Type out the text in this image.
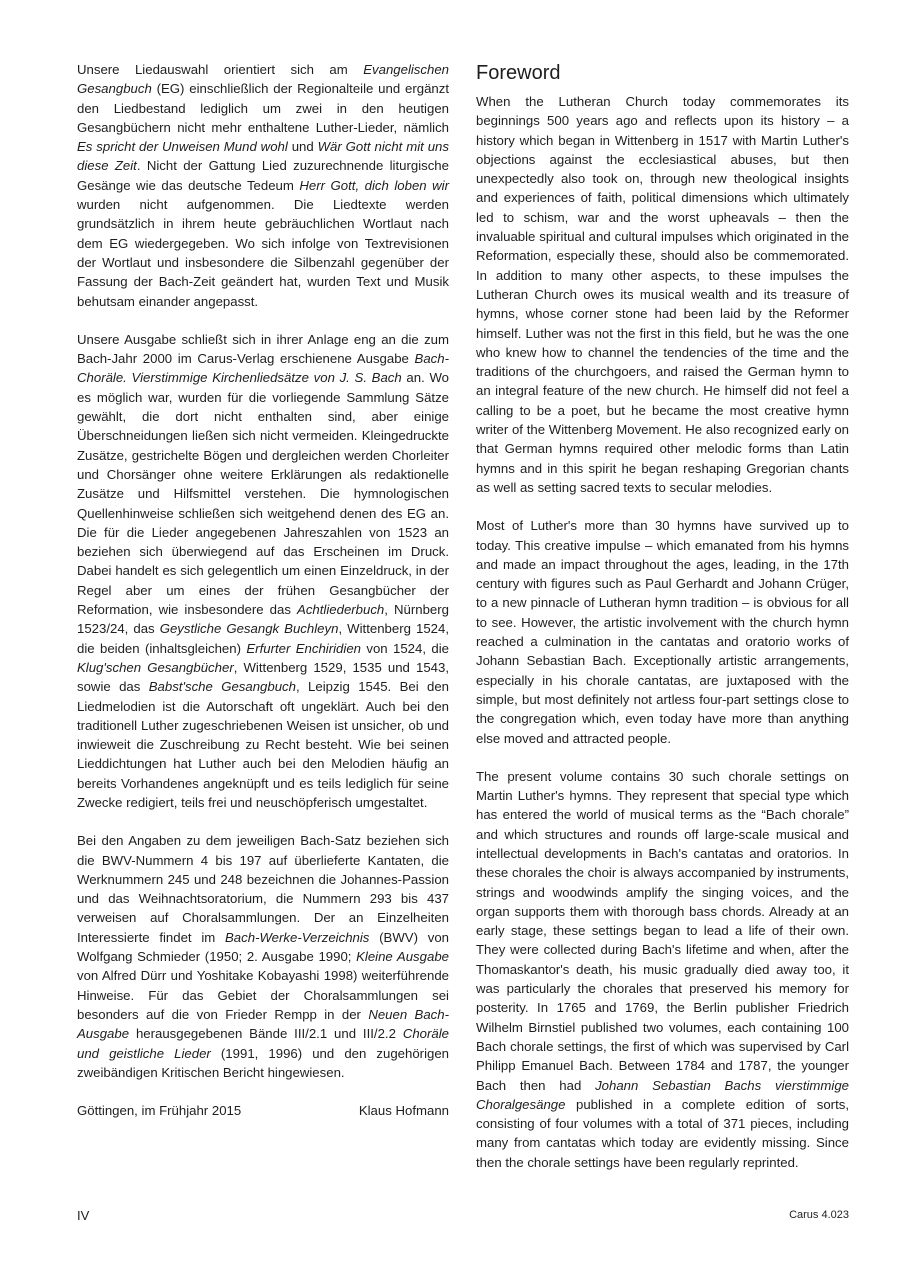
Unsere Liedauswahl orientiert sich am Evangelischen Gesangbuch (EG) einschließlich der Regionalteile und ergänzt den Liedbestand lediglich um zwei in den heutigen Gesangbüchern nicht mehr enthaltene Luther-Lieder, nämlich Es spricht der Unweisen Mund wohl und Wär Gott nicht mit uns diese Zeit. Nicht der Gattung Lied zuzurechnende liturgische Gesänge wie das deutsche Tedeum Herr Gott, dich loben wir wurden nicht aufgenommen. Die Liedtexte werden grundsätzlich in ihrem heute gebräuchlichen Wortlaut nach dem EG wiedergegeben. Wo sich infolge von Textrevisionen der Wortlaut und insbesondere die Silbenzahl gegenüber der Fassung der Bach-Zeit geändert hat, wurden Text und Musik behutsam einander angepasst.

Unsere Ausgabe schließt sich in ihrer Anlage eng an die zum Bach-Jahr 2000 im Carus-Verlag erschienene Ausgabe Bach-Choräle. Vierstimmige Kirchenliedsätze von J. S. Bach an. Wo es möglich war, wurden für die vorliegende Sammlung Sätze gewählt, die dort nicht enthalten sind, aber einige Überschneidungen ließen sich nicht vermeiden. Kleingedruckte Zusätze, gestrichelte Bögen und dergleichen werden Chorleiter und Chorsänger ohne weitere Erklärungen als redaktionelle Zusätze und Hilfsmittel verstehen. Die hymnologischen Quellenhinweise schließen sich weitgehend denen des EG an. Die für die Lieder angegebenen Jahreszahlen von 1523 an beziehen sich überwiegend auf das Erscheinen im Druck. Dabei handelt es sich gelegentlich um einen Einzeldruck, in der Regel aber um eines der frühen Gesangbücher der Reformation, wie insbesondere das Achtliederbuch, Nürnberg 1523/24, das Geystliche Gesangk Buchleyn, Wittenberg 1524, die beiden (inhaltsgleichen) Erfurter Enchiridien von 1524, die Klug'schen Gesangbücher, Wittenberg 1529, 1535 und 1543, sowie das Babst'sche Gesangbuch, Leipzig 1545. Bei den Liedmelodien ist die Autorschaft oft ungeklärt. Auch bei den traditionell Luther zugeschriebenen Weisen ist unsicher, ob und inwieweit die Zuschreibung zu Recht besteht. Wie bei seinen Lieddichtungen hat Luther auch bei den Melodien häufig an bereits Vorhandenes angeknüpft und es teils lediglich für seine Zwecke redigiert, teils frei und neuschöpferisch umgestaltet.

Bei den Angaben zu dem jeweiligen Bach-Satz beziehen sich die BWV-Nummern 4 bis 197 auf überlieferte Kantaten, die Werknummern 245 und 248 bezeichnen die Johannes-Passion und das Weihnachtsoratorium, die Nummern 293 bis 437 verweisen auf Choralsammlungen. Der an Einzelheiten Interessierte findet im Bach-Werke-Verzeichnis (BWV) von Wolfgang Schmieder (1950; 2. Ausgabe 1990; Kleine Ausgabe von Alfred Dürr und Yoshitake Kobayashi 1998) weiterführende Hinweise. Für das Gebiet der Choralsammlungen sei besonders auf die von Frieder Rempp in der Neuen Bach-Ausgabe herausgegebenen Bände III/2.1 und III/2.2 Choräle und geistliche Lieder (1991, 1996) und den zugehörigen zweibändigen Kritischen Bericht hingewiesen.

Göttingen, im Frühjahr 2015	Klaus Hofmann
Foreword

When the Lutheran Church today commemorates its beginnings 500 years ago and reflects upon its history – a history which began in Wittenberg in 1517 with Martin Luther's objections against the ecclesiastical abuses, but then unexpectedly also took on, through new theological insights and experiences of faith, political dimensions which ultimately led to schism, war and the worst upheavals – then the invaluable spiritual and cultural impulses which originated in the Reformation, especially these, should also be commemorated. In addition to many other aspects, to these impulses the Lutheran Church owes its musical wealth and its treasure of hymns, whose corner stone had been laid by the Reformer himself. Luther was not the first in this field, but he was the one who knew how to channel the tendencies of the time and the traditions of the churchgoers, and raised the German hymn to an integral feature of the new church. He himself did not feel a calling to be a poet, but he became the most creative hymn writer of the Wittenberg Movement. He also recognized early on that German hymns required other melodic forms than Latin hymns and in this spirit he began reshaping Gregorian chants as well as setting sacred texts to secular melodies.

Most of Luther's more than 30 hymns have survived up to today. This creative impulse – which emanated from his hymns and made an impact throughout the ages, leading, in the 17th century with figures such as Paul Gerhardt and Johann Crüger, to a new pinnacle of Lutheran hymn tradition – is obvious for all to see. However, the artistic involvement with the church hymn reached a culmination in the cantatas and oratorio works of Johann Sebastian Bach. Exceptionally artistic arrangements, especially in his chorale cantatas, are juxtaposed with the simple, but most definitely not artless four-part settings close to the congregation which, even today have more than anything else moved and attracted people.

The present volume contains 30 such chorale settings on Martin Luther's hymns. They represent that special type which has entered the world of musical terms as the “Bach chorale” and which structures and rounds off large-scale musical and intellectual developments in Bach's cantatas and oratorios. In these chorales the choir is always accompanied by instruments, strings and woodwinds amplify the singing voices, and the organ supports them with thorough bass chords. Already at an early stage, these settings began to lead a life of their own. They were collected during Bach's lifetime and when, after the Thomaskantor's death, his music gradually died away too, it was particularly the chorales that preserved his memory for posterity. In 1765 and 1769, the Berlin publisher Friedrich Wilhelm Birnstiel published two volumes, each containing 100 Bach chorale settings, the first of which was supervised by Carl Philipp Emanuel Bach. Between 1784 and 1787, the younger Bach then had Johann Sebastian Bachs vierstimmige Choralgesänge published in a complete edition of sorts, consisting of four volumes with a total of 371 pieces, including many from cantatas which today are evidently missing. Since then the chorale settings have been regularly reprinted.

IV	Carus 4.023
